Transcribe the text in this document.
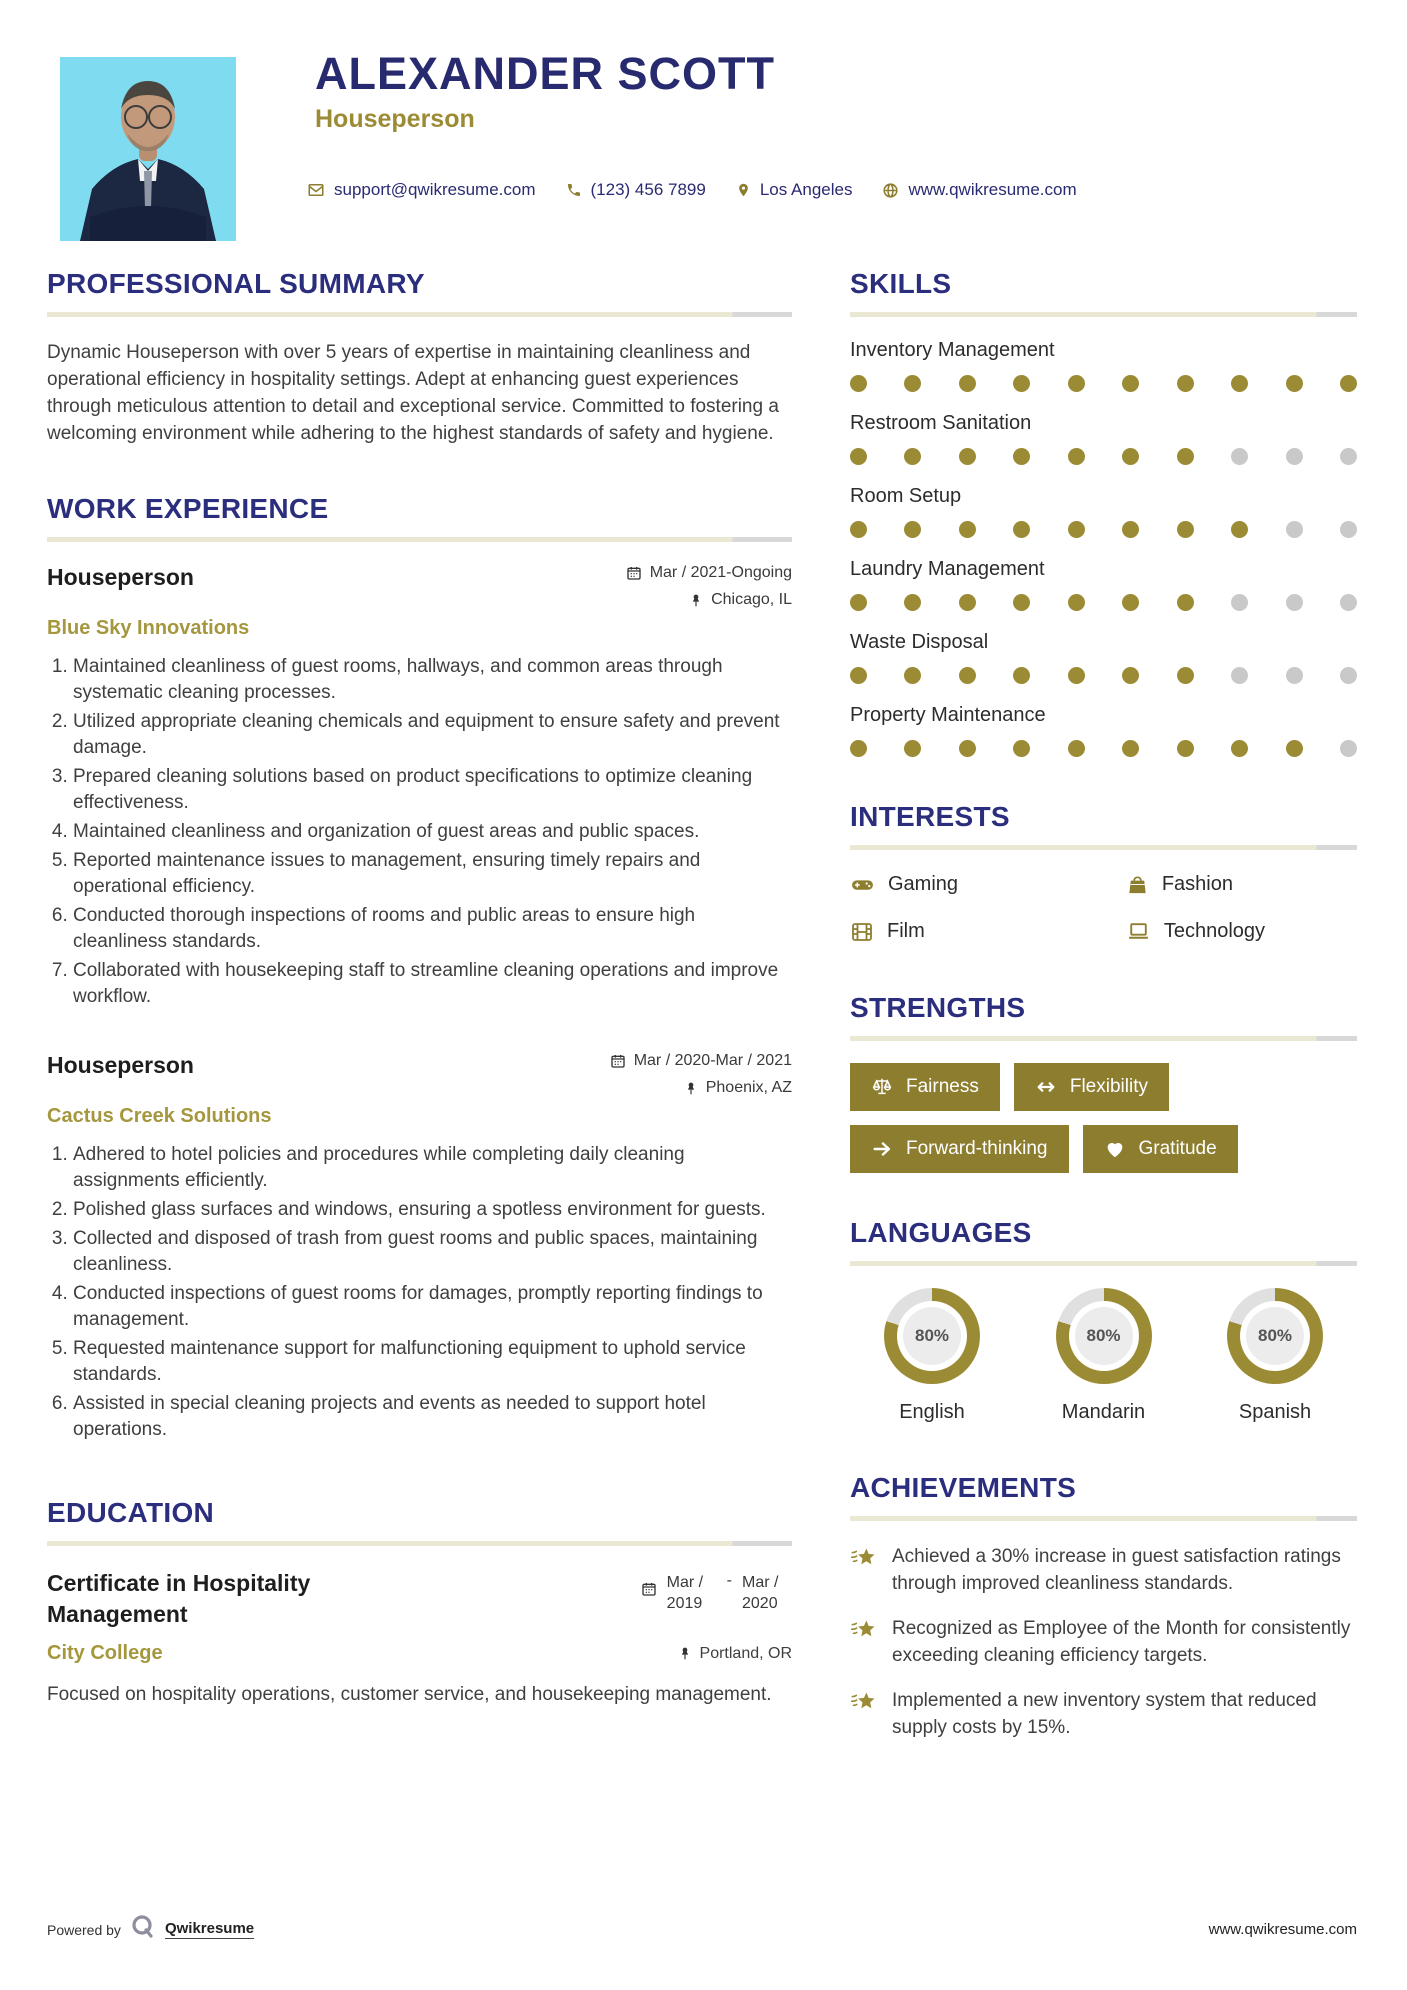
ALEXANDER SCOTT
Houseperson
support@qwikresume.com	(123) 456 7899	Los Angeles	www.qwikresume.com
PROFESSIONAL SUMMARY

Dynamic Houseperson with over 5 years of expertise in maintaining cleanliness and operational efficiency in hospitality settings. Adept at enhancing guest experiences through meticulous attention to detail and exceptional service. Committed to fostering a welcoming environment while adhering to the highest standards of safety and hygiene.

WORK EXPERIENCE
Houseperson	Mar / 2021-Ongoing
Chicago, IL
Blue Sky Innovations
1. Maintained cleanliness of guest rooms, hallways, and common areas through systematic cleaning processes.
2. Utilized appropriate cleaning chemicals and equipment to ensure safety and prevent damage.
3. Prepared cleaning solutions based on product specifications to optimize cleaning effectiveness.
4. Maintained cleanliness and organization of guest areas and public spaces.
5. Reported maintenance issues to management, ensuring timely repairs and operational efficiency.
6. Conducted thorough inspections of rooms and public areas to ensure high cleanliness standards.
7. Collaborated with housekeeping staff to streamline cleaning operations and improve workflow.
Houseperson	Mar / 2020-Mar / 2021
Phoenix, AZ
Cactus Creek Solutions
1. Adhered to hotel policies and procedures while completing daily cleaning assignments efficiently.
2. Polished glass surfaces and windows, ensuring a spotless environment for guests.
3. Collected and disposed of trash from guest rooms and public spaces, maintaining cleanliness.
4. Conducted inspections of guest rooms for damages, promptly reporting findings to management.
5. Requested maintenance support for malfunctioning equipment to uphold service standards.
6. Assisted in special cleaning projects and events as needed to support hotel operations.
EDUCATION
Certificate in Hospitality Management
Mar / 2019
- Mar / 2020
City College	Portland, OR

Focused on hospitality operations, customer service, and housekeeping management.

SKILLS
Inventory Management
Restroom Sanitation
Room Setup
Laundry Management
Waste Disposal
Property Maintenance
INTERESTS
Gaming	Fashion
Film	Technology
STRENGTHS
Fairness	Flexibility
Forward-thinking	Gratitude
LANGUAGES
80%
English
80%
Mandarin
80%
Spanish
ACHIEVEMENTS
Achieved a 30% increase in guest satisfaction ratings through improved cleanliness standards.
Recognized as Employee of the Month for consistently exceeding cleaning efficiency targets.
Implemented a new inventory system that reduced supply costs by 15%.
Powered by	Qwikresume	www.qwikresume.com
